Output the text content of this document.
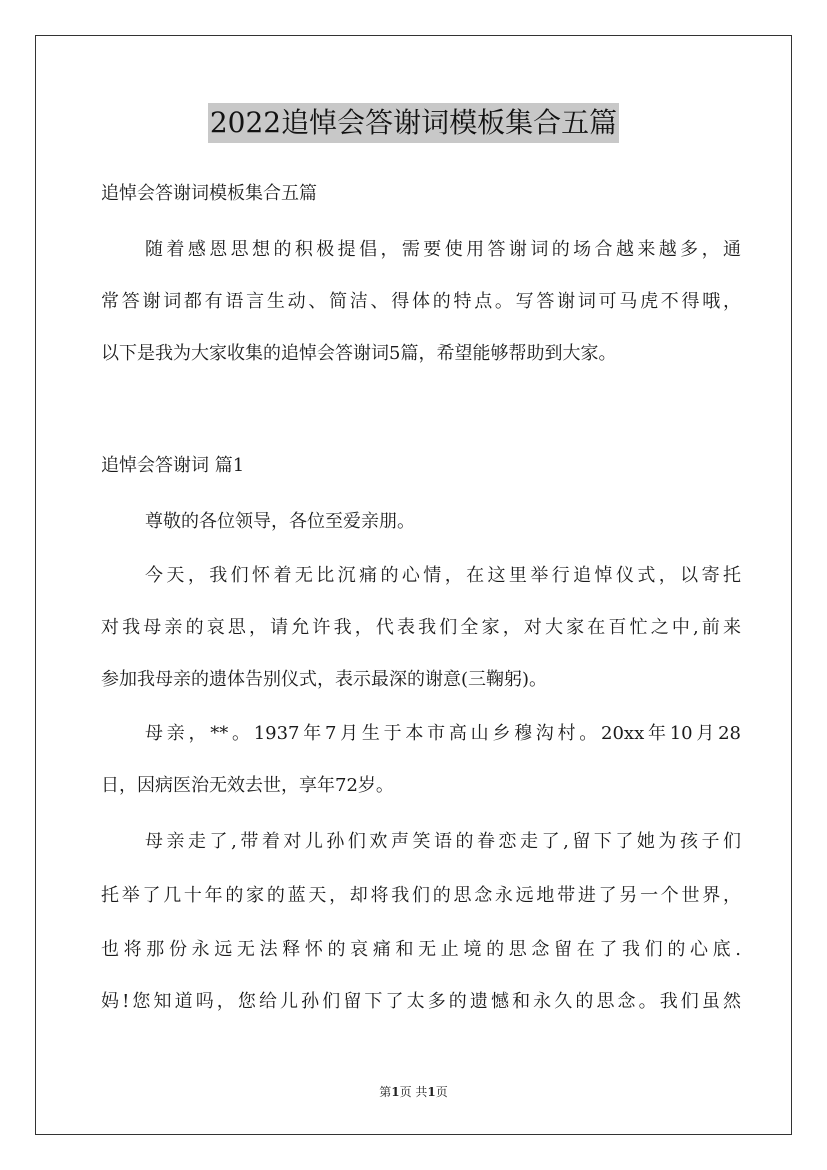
2022追悼会答谢词模板集合五篇
追悼会答谢词模板集合五篇
随着感恩思想的积极提倡，需要使用答谢词的场合越来越多，通
常答谢词都有语言生动、简洁、得体的特点。写答谢词可马虎不得哦，
以下是我为大家收集的追悼会答谢词5篇，希望能够帮助到大家。
追悼会答谢词 篇1
尊敬的各位领导，各位至爱亲朋。
今天，我们怀着无比沉痛的心情，在这里举行追悼仪式，以寄托
对我母亲的哀思，请允许我，代表我们全家，对大家在百忙之中,前来
参加我母亲的遗体告别仪式，表示最深的谢意(三鞠躬)。
母亲，**。1937年7月生于本市高山乡穆沟村。20xx年10月28
日，因病医治无效去世，享年72岁。
母亲走了,带着对儿孙们欢声笑语的眷恋走了,留下了她为孩子们
托举了几十年的家的蓝天，却将我们的思念永远地带进了另一个世界，
也将那份永远无法释怀的哀痛和无止境的思念留在了我们的心底.
妈!您知道吗，您给儿孙们留下了太多的遗憾和永久的思念。我们虽然
第1页 共1页
